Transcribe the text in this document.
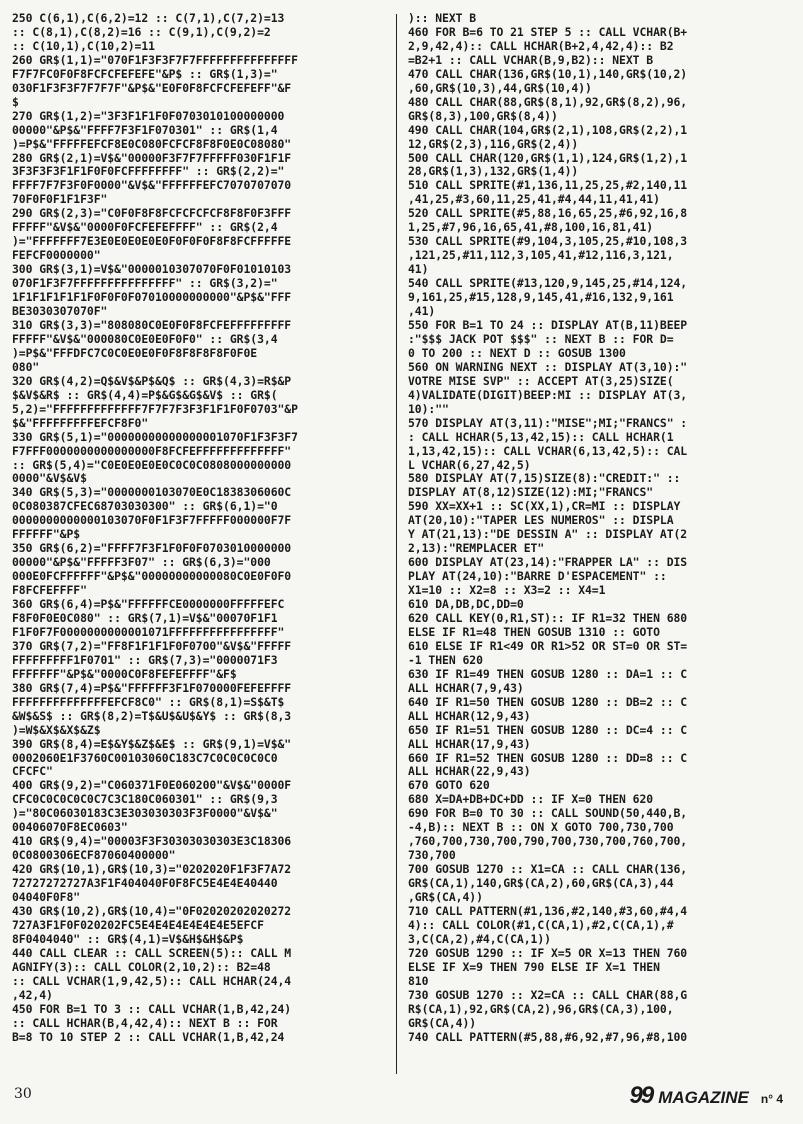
250 C(6,1),C(6,2)=12 :: C(7,1),C(7,2)=13
:: C(8,1),C(8,2)=16 :: C(9,1),C(9,2)=2
:: C(10,1),C(10,2)=11
260 GR$(1,1)="070F1F3F3F7F7FFFFFFFFFFFFFFF
F7F7FC0F0F8FCFCFEFEFE"&P$ :: GR$(1,3)="
030F1F3F3F7F7F7F"&P$&"E0F0F8FCFCFEFEFF"&F
$
270 GR$(1,2)="3F3F1F1F0F0703010100000000
00000"&P$&"FFFF7F3F1F070301" :: GR$(1,4
)=P$&"FFFFFEFCF8E0C080FCFCF8F8F0E0C08080"
280 GR$(2,1)=V$&"00000F3F7F7FFFFF030F1F1F
3F3F3F3F1F1F0F0FCFFFFFFFF" :: GR$(2,2)="
FFFF7F7F3F0F0000"&V$&"FFFFFFEFC7070707070
70F0F0F1F1F3F"
290 GR$(2,3)="C0F0F8F8FCFCFCFCF8F8F0F3FFF
FFFFF"&V$&"0000F0FCFEFEFFFF" :: GR$(2,4
)="FFFFFFF7E3E0E0E0E0E0F0F0F0F8F8FCFFFFFE
FEFCF0000000"
300 GR$(3,1)=V$&"0000010307070F0F01010103
070F1F3F7FFFFFFFFFFFFFFF" :: GR$(3,2)="
1F1F1F1F1F1F0F0F0F07010000000000"&P$&"FFF
BE3030307070F"
310 GR$(3,3)="808080C0E0F0F8FCFEFFFFFFFFF
FFFFF"&V$&"000080C0E0E0F0F0" :: GR$(3,4
)=P$&"FFFDFC7C0C0E0E0F0F8F8F8F8F0F0E
080"
320 GR$(4,2)=Q$&V$&P$&Q$ :: GR$(4,3)=R$&P
$&V$&R$ :: GR$(4,4)=P$&G$&G$&V$ :: GR$(
5,2)="FFFFFFFFFFFFF7F7F7F3F3F1F1F0F0703"&P
$&"FFFFFFFFFEFCF8F0"
330 GR$(5,1)="00000000000000001070F1F3F3F7
F7FFF0000000000000000F8FCFEFFFFFFFFFFFFF"
:: GR$(5,4)="C0E0E0E0E0C0C0C0808000000000
0000"&V$&V$
340 GR$(5,3)="0000000103070E0C1838306060C
0C080387CFEC68703030300" :: GR$(6,1)="0
0000000000000103070F0F1F3F7FFFFF000000F7F
FFFFFF"&P$
350 GR$(6,2)="FFFF7F3F1F0F0F0703010000000
00000"&P$&"FFFFF3F07" :: GR$(6,3)="000
000E0FCFFFFFF"&P$&"00000000000080C0E0F0F0
F8FCFEFFFF"
360 GR$(6,4)=P$&"FFFFFFCE0000000FFFFFEFC
F8F0F0E0C080" :: GR$(7,1)=V$&"00070F1F1
F1F0F7F0000000000001071FFFFFFFFFFFFFFFF"
370 GR$(7,2)="FF8F1F1F1F0F0700"&V$&"FFFFF
FFFFFFFFF1F0701" :: GR$(7,3)="0000071F3
FFFFFFF"&P$&"0000C0F8FEFEFFFF"&F$
380 GR$(7,4)=P$&"FFFFFF3F1F070000FEFEFFFF
FFFFFFFFFFFFFFEFCF8C0" :: GR$(8,1)=S$&T$
&W$&S$ :: GR$(8,2)=T$&U$&U$&Y$ :: GR$(8,3
)=W$&X$&X$&Z$
390 GR$(8,4)=E$&Y$&Z$&E$ :: GR$(9,1)=V$&"
0002060E1F3760C00103060C183C7C0C0C0C0C0
CFCFC"
400 GR$(9,2)="C060371F0E060200"&V$&"0000F
CFC0C0C0C0C0C7C3C180C060301" :: GR$(9,3
)="80C06030183C3E303030303F3F0000"&V$&"
00406070F8EC0603"
410 GR$(9,4)="00003F3F30303030303E3C18306
0C0800306ECF87060400000"
420 GR$(10,1),GR$(10,3)="0202020F1F3F7A72
72727272727A3F1F404040F0F8FC5E4E4E40440
04040F0F8"
430 GR$(10,2),GR$(10,4)="0F02020202020272
727A3F1F0F020202FC5E4E4E4E4E4E4E5EFCF
8F0404040" :: GR$(4,1)=V$&H$&H$&P$
440 CALL CLEAR :: CALL SCREEN(5):: CALL M
AGNIFY(3):: CALL COLOR(2,10,2):: B2=48
:: CALL VCHAR(1,9,42,5):: CALL HCHAR(24,4
,42,4)
450 FOR B=1 TO 3 :: CALL VCHAR(1,B,42,24)
:: CALL HCHAR(B,4,42,4):: NEXT B :: FOR
B=8 TO 10 STEP 2 :: CALL VCHAR(1,B,42,24
):: NEXT B
460 FOR B=6 TO 21 STEP 5 :: CALL VCHAR(B+
2,9,42,4):: CALL HCHAR(B+2,4,42,4):: B2
=B2+1 :: CALL VCHAR(B,9,B2):: NEXT B
470 CALL CHAR(136,GR$(10,1),140,GR$(10,2)
,60,GR$(10,3),44,GR$(10,4))
480 CALL CHAR(88,GR$(8,1),92,GR$(8,2),96,
GR$(8,3),100,GR$(8,4))
490 CALL CHAR(104,GR$(2,1),108,GR$(2,2),1
12,GR$(2,3),116,GR$(2,4))
500 CALL CHAR(120,GR$(1,1),124,GR$(1,2),1
28,GR$(1,3),132,GR$(1,4))
510 CALL SPRITE(#1,136,11,25,25,#2,140,11
,41,25,#3,60,11,25,41,#4,44,11,41,41)
520 CALL SPRITE(#5,88,16,65,25,#6,92,16,8
1,25,#7,96,16,65,41,#8,100,16,81,41)
530 CALL SPRITE(#9,104,3,105,25,#10,108,3
,121,25,#11,112,3,105,41,#12,116,3,121,
41)
540 CALL SPRITE(#13,120,9,145,25,#14,124,
9,161,25,#15,128,9,145,41,#16,132,9,161
,41)
550 FOR B=1 TO 24 :: DISPLAY AT(B,11)BEEP
:"$$$ JACK POT $$$" :: NEXT B :: FOR D=
0 TO 200 :: NEXT D :: GOSUB 1300
560 ON WARNING NEXT :: DISPLAY AT(3,10):"
VOTRE MISE SVP" :: ACCEPT AT(3,25)SIZE(
4)VALIDATE(DIGIT)BEEP:MI :: DISPLAY AT(3,
10):""
570 DISPLAY AT(3,11):"MISE";MI;"FRANCS" :
: CALL HCHAR(5,13,42,15):: CALL HCHAR(1
1,13,42,15):: CALL VCHAR(6,13,42,5):: CAL
L VCHAR(6,27,42,5)
580 DISPLAY AT(7,15)SIZE(8):"CREDIT:" ::
DISPLAY AT(8,12)SIZE(12):MI;"FRANCS"
590 XX=XX+1 :: SC(XX,1),CR=MI :: DISPLAY
AT(20,10):"TAPER LES NUMEROS" :: DISPLA
Y AT(21,13):"DE DESSIN A" :: DISPLAY AT(2
2,13):"REMPLACER ET"
600 DISPLAY AT(23,14):"FRAPPER LA" :: DIS
PLAY AT(24,10):"BARRE D'ESPACEMENT" ::
X1=10 :: X2=8 :: X3=2 :: X4=1
610 DA,DB,DC,DD=0
620 CALL KEY(0,R1,ST):: IF R1=32 THEN 680
ELSE IF R1=48 THEN GOSUB 1310 :: GOTO
610 ELSE IF R1<49 OR R1>52 OR ST=0 OR ST=
-1 THEN 620
630 IF R1=49 THEN GOSUB 1280 :: DA=1 :: C
ALL HCHAR(7,9,43)
640 IF R1=50 THEN GOSUB 1280 :: DB=2 :: C
ALL HCHAR(12,9,43)
650 IF R1=51 THEN GOSUB 1280 :: DC=4 :: C
ALL HCHAR(17,9,43)
660 IF R1=52 THEN GOSUB 1280 :: DD=8 :: C
ALL HCHAR(22,9,43)
670 GOTO 620
680 X=DA+DB+DC+DD :: IF X=0 THEN 620
690 FOR B=0 TO 30 :: CALL SOUND(50,440,B,
-4,B):: NEXT B :: ON X GOTO 700,730,700
,760,700,730,700,790,700,730,700,760,700,
730,700
700 GOSUB 1270 :: X1=CA :: CALL CHAR(136,
GR$(CA,1),140,GR$(CA,2),60,GR$(CA,3),44
,GR$(CA,4))
710 CALL PATTERN(#1,136,#2,140,#3,60,#4,4
4):: CALL COLOR(#1,C(CA,1),#2,C(CA,1),#
3,C(CA,2),#4,C(CA,1))
720 GOSUB 1290 :: IF X=5 OR X=13 THEN 760
ELSE IF X=9 THEN 790 ELSE IF X=1 THEN
810
730 GOSUB 1270 :: X2=CA :: CALL CHAR(88,G
R$(CA,1),92,GR$(CA,2),96,GR$(CA,3),100,
GR$(CA,4))
740 CALL PATTERN(#5,88,#6,92,#7,96,#8,100
30	99 MAGAZINE n° 4
